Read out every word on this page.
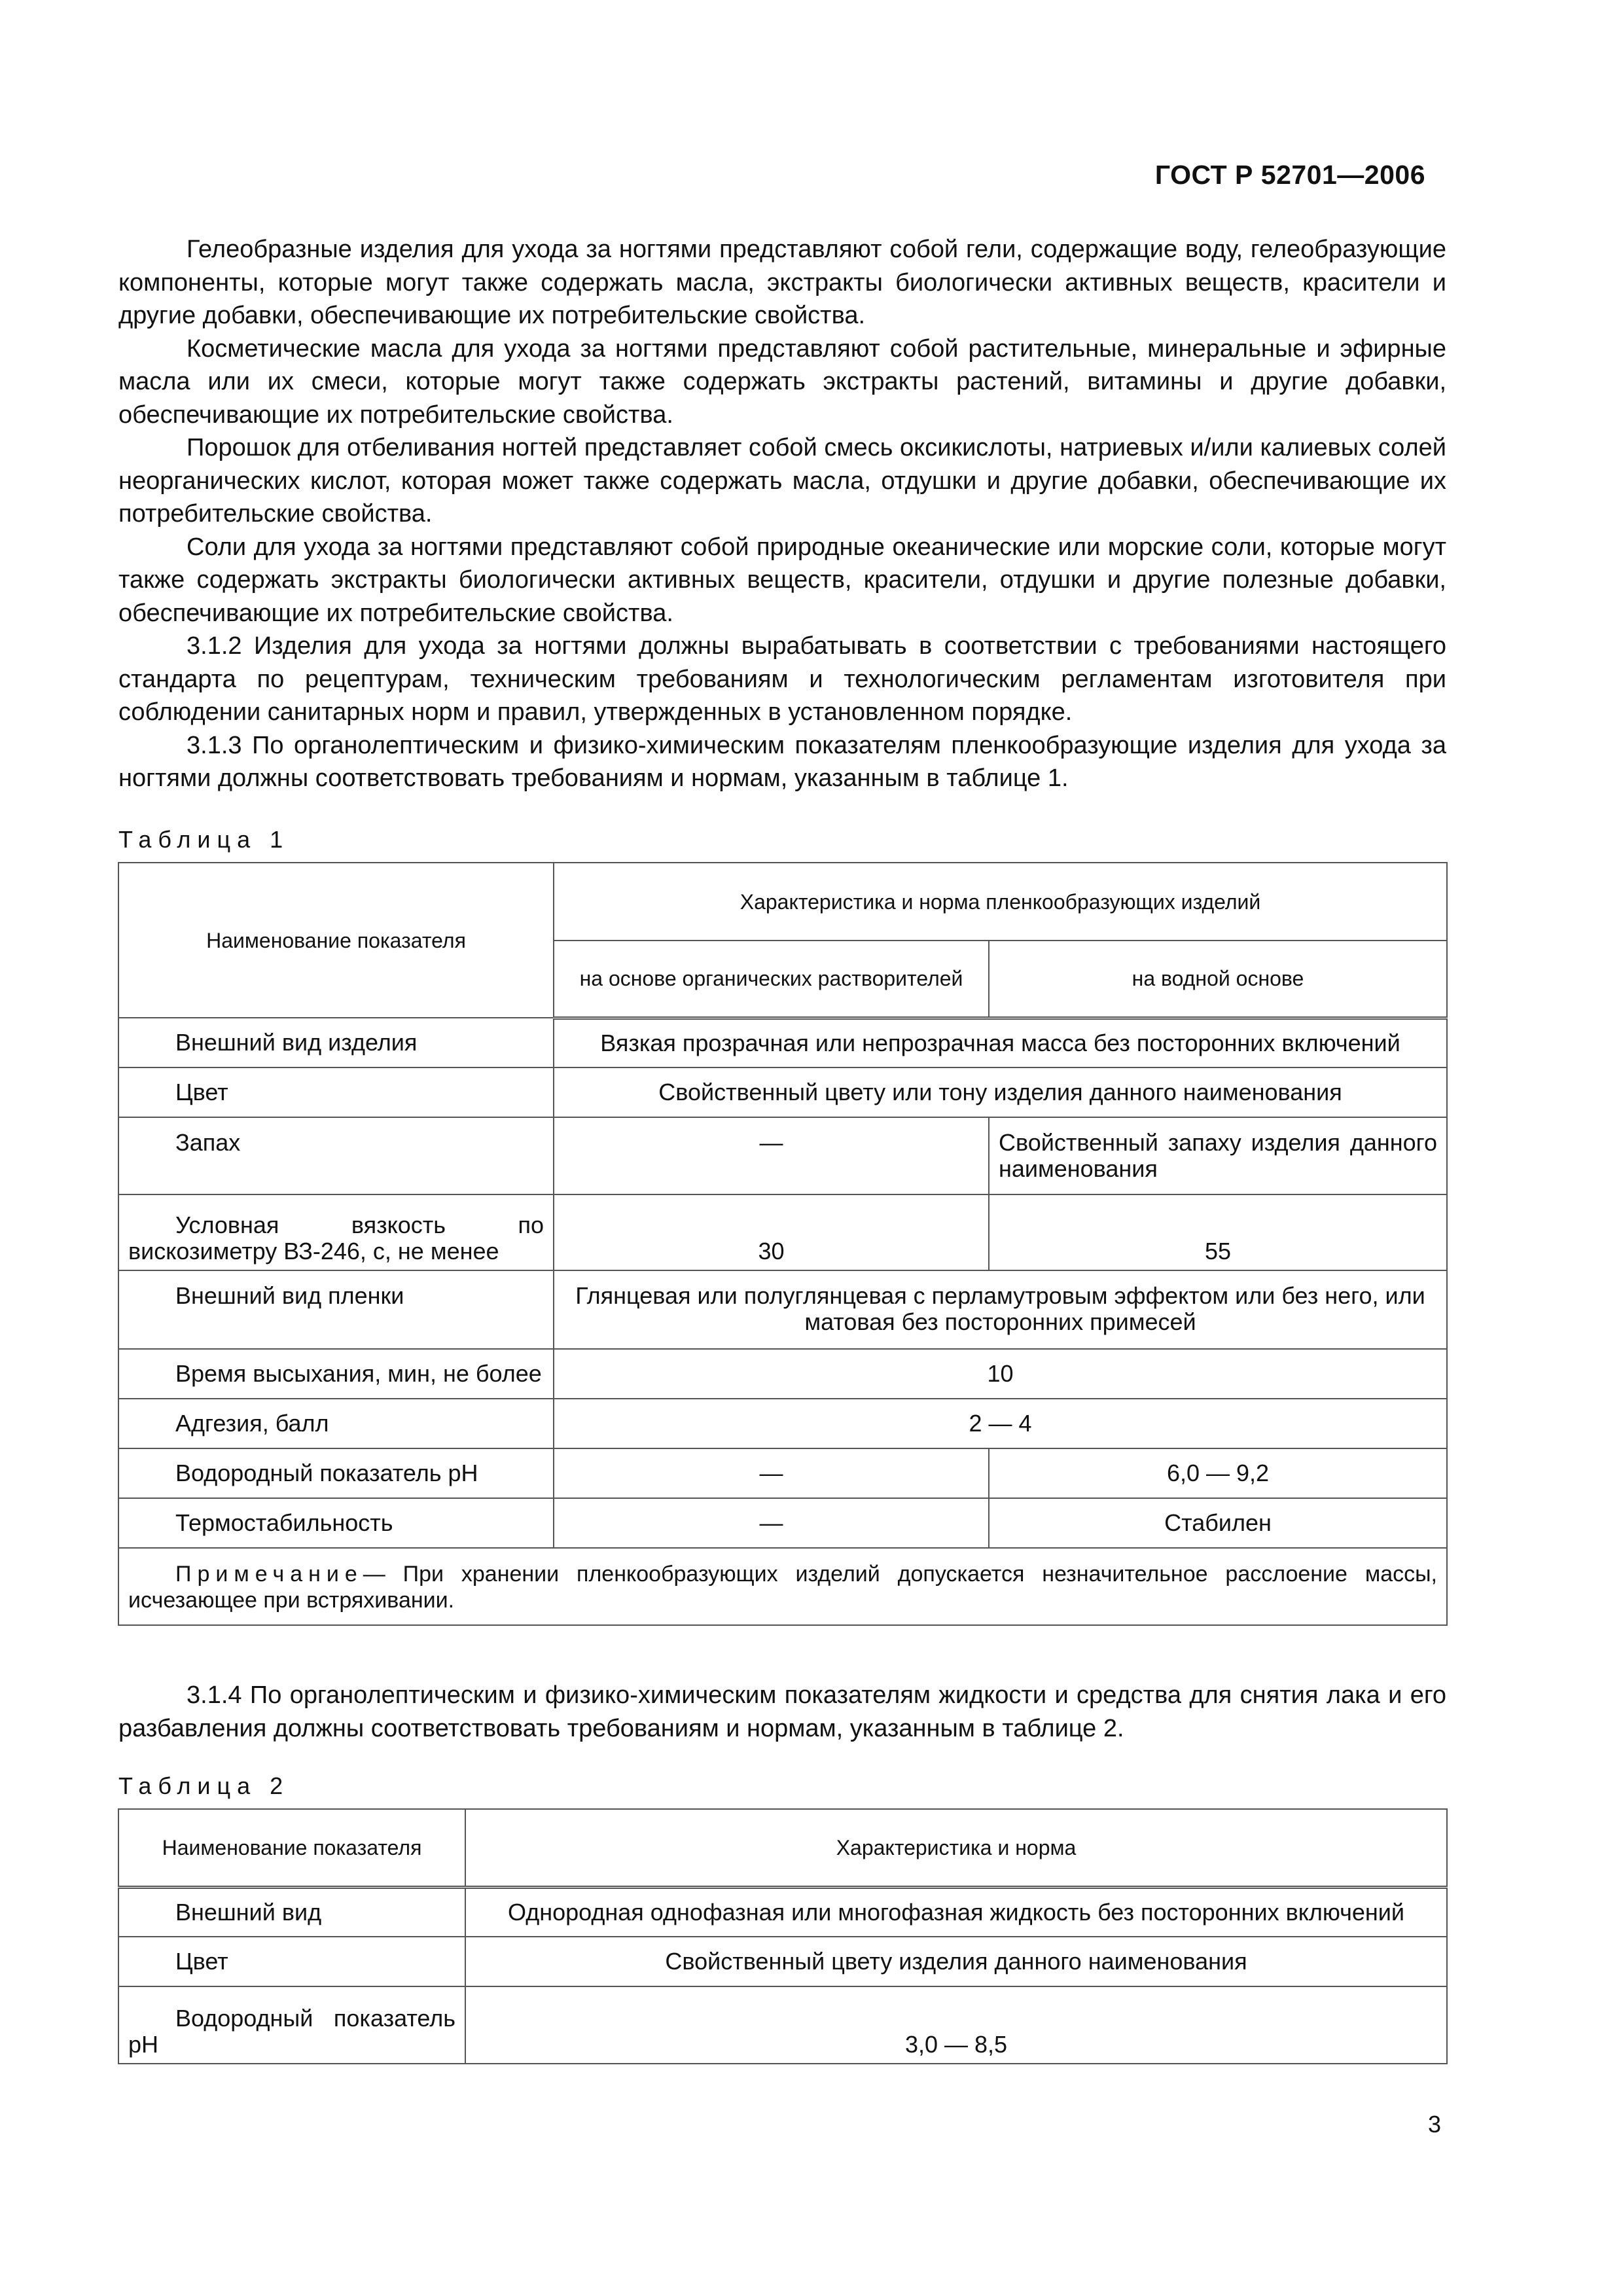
ГОСТ Р 52701—2006

Гелеобразные изделия для ухода за ногтями представляют собой гели, содержащие воду, гелеобразующие компоненты, которые могут также содержать масла, экстракты биологически активных веществ, красители и другие добавки, обеспечивающие их потребительские свойства.

Косметические масла для ухода за ногтями представляют собой растительные, минеральные и эфирные масла или их смеси, которые могут также содержать экстракты растений, витамины и другие добавки, обеспечивающие их потребительские свойства.

Порошок для отбеливания ногтей представляет собой смесь оксикислоты, натриевых и/или калиевых солей неорганических кислот, которая может также содержать масла, отдушки и другие добавки, обеспечивающие их потребительские свойства.

Соли для ухода за ногтями представляют собой природные океанические или морские соли, которые могут также содержать экстракты биологически активных веществ, красители, отдушки и другие полезные добавки, обеспечивающие их потребительские свойства.

3.1.2 Изделия для ухода за ногтями должны вырабатывать в соответствии с требованиями настоящего стандарта по рецептурам, техническим требованиям и технологическим регламентам изготовителя при соблюдении санитарных норм и правил, утвержденных в установленном порядке.

3.1.3 По органолептическим и физико-химическим показателям пленкообразующие изделия для ухода за ногтями должны соответствовать требованиям и нормам, указанным в таблице 1.

Таблица 1
Наименование показателя	Характеристика и норма пленкообразующих изделий	
	на основе органических растворителей	на водной основе
Внешний вид изделия	Вязкая прозрачная или непрозрачная масса без посторонних включений	
Цвет	Свойственный цвету или тону изделия данного наименования	
Запах	—	Свойственный запаху изделия данного наименования
Условная вязкость по вискозиметру ВЗ-246, с, не менее	30	55
Внешний вид пленки	Глянцевая или полуглянцевая с перламутровым эффектом или без него, или матовая без посторонних примесей	
Время высыхания, мин, не более	10	
Адгезия, балл	2 — 4	
Водородный показатель pH	—	6,0 — 9,2
Термостабильность	—	Стабилен
Примечание— При хранении пленкообразующих изделий допускается незначительное расслоение массы, исчезающее при встряхивании.		

3.1.4 По органолептическим и физико-химическим показателям жидкости и средства для снятия лака и его разбавления должны соответствовать требованиям и нормам, указанным в таблице 2.

Таблица 2
Наименование показателя	Характеристика и норма
Внешний вид	Однородная однофазная или многофазная жидкость без посторонних включений
Цвет	Свойственный цвету изделия данного наименования
Водородный показатель pH	3,0 — 8,5
3
